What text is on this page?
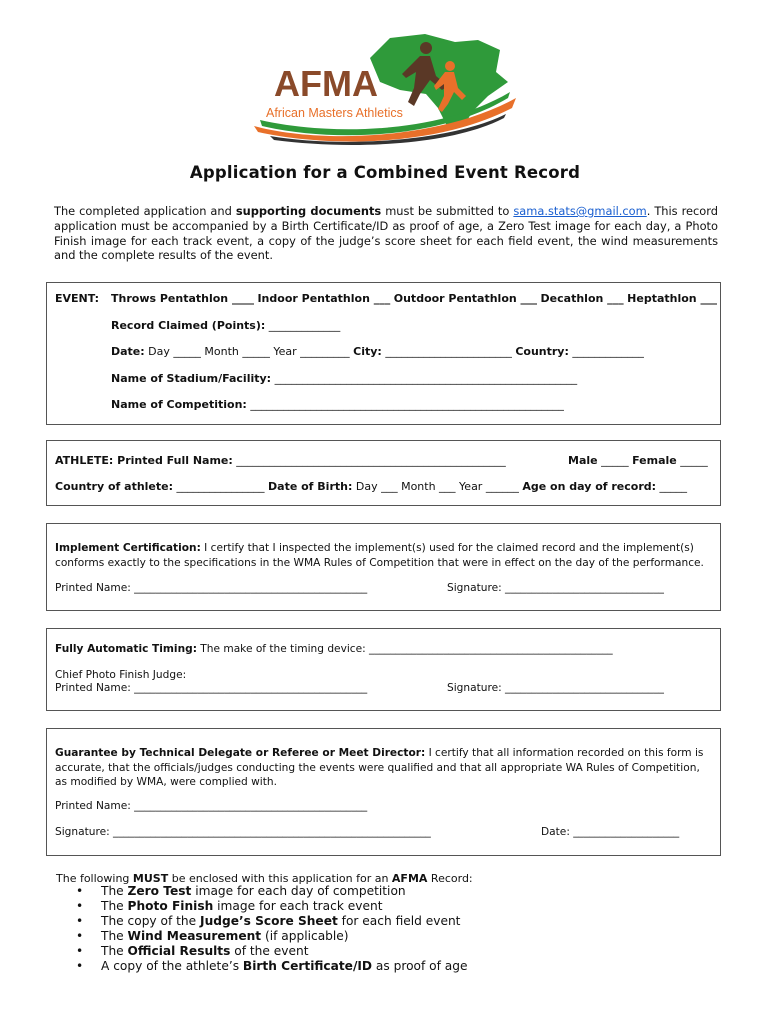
AFMA
African Masters Athletics
Application for a Combined Event Record
The completed application and supporting documents must be submitted to sama.stats@gmail.com. This record application must be accompanied by a Birth Certificate/ID as proof of age, a Zero Test image for each day, a Photo Finish image for each track event, a copy of the judge’s score sheet for each field event, the wind measurements and the complete results of the event.
EVENT: Throws Pentathlon ____ Indoor Pentathlon ___ Outdoor Pentathlon ___ Decathlon ___ Heptathlon ___
Record Claimed (Points): _____________
Date: Day _____ Month _____ Year _________ City: _______________________ Country: _____________
Name of Stadium/Facility: _______________________________________________________
Name of Competition: _________________________________________________________
ATHLETE: Printed Full Name: _________________________________________________	Male _____ Female _____
Country of athlete: ________________ Date of Birth: Day ___ Month ___ Year ______ Age on day of record: _____
Implement Certification: I certify that I inspected the implement(s) used for the claimed record and the implement(s) conforms exactly to the specifications in the WMA Rules of Competition that were in effect on the day of the performance.
Printed Name: ____________________________________________	Signature: ______________________________
Fully Automatic Timing: The make of the timing device: ______________________________________________
Chief Photo Finish Judge:
Printed Name: ____________________________________________	Signature: ______________________________
Guarantee by Technical Delegate or Referee or Meet Director: I certify that all information recorded on this form is accurate, that the officials/judges conducting the events were qualified and that all appropriate WA Rules of Competition, as modified by WMA, were complied with.
Printed Name: ____________________________________________
Signature: ____________________________________________________________	Date: ____________________
The following MUST be enclosed with this application for an AFMA Record:
• The Zero Test image for each day of competition
• The Photo Finish image for each track event
• The copy of the Judge’s Score Sheet for each field event
• The Wind Measurement (if applicable)
• The Official Results of the event
• A copy of the athlete’s Birth Certificate/ID as proof of age
